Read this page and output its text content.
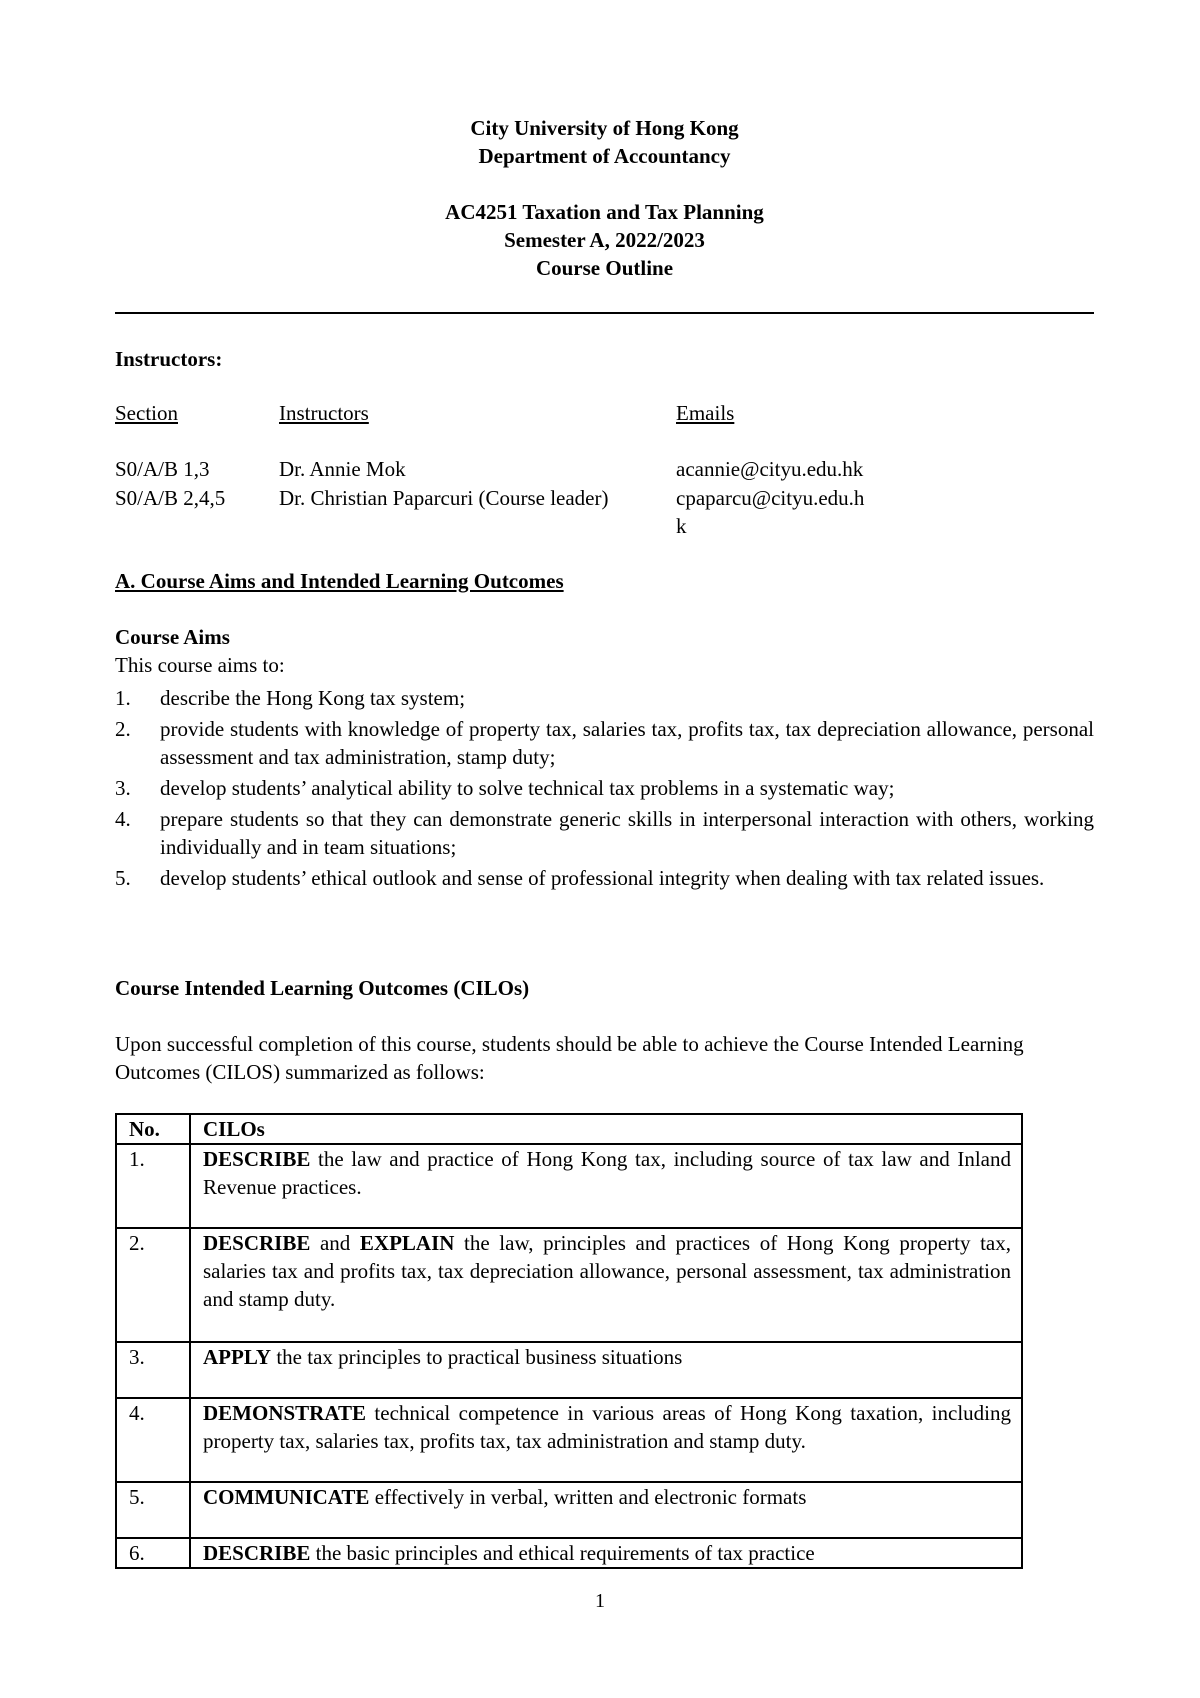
City University of Hong Kong
Department of Accountancy
AC4251 Taxation and Tax Planning
Semester A, 2022/2023
Course Outline
Instructors:
Section	Instructors	Emails
S0/A/B 1,3	Dr. Annie Mok	acannie@cityu.edu.hk
S0/A/B 2,4,5	Dr. Christian Paparcuri (Course leader)	cpaparcu@cityu.edu.h
k
A. Course Aims and Intended Learning Outcomes
Course Aims
This course aims to:
1.	describe the Hong Kong tax system;
2.	provide students with knowledge of property tax, salaries tax, profits tax, tax depreciation allowance, personal assessment and tax administration, stamp duty;
3.	develop students’ analytical ability to solve technical tax problems in a systematic way;
4.	prepare students so that they can demonstrate generic skills in interpersonal interaction with others, working individually and in team situations;
5.	develop students’ ethical outlook and sense of professional integrity when dealing with tax related issues.
Course Intended Learning Outcomes (CILOs)
Upon successful completion of this course, students should be able to achieve the Course Intended Learning Outcomes (CILOS) summarized as follows:
No.	CILOs
1.	DESCRIBE the law and practice of Hong Kong tax, including source of tax law and Inland Revenue practices.
2.	DESCRIBE and EXPLAIN the law, principles and practices of Hong Kong property tax, salaries tax and profits tax, tax depreciation allowance, personal assessment, tax administration and stamp duty.
3.	APPLY the tax principles to practical business situations
4.	DEMONSTRATE technical competence in various areas of Hong Kong taxation, including property tax, salaries tax, profits tax, tax administration and stamp duty.
5.	COMMUNICATE effectively in verbal, written and electronic formats
6.	DESCRIBE the basic principles and ethical requirements of tax practice
1
